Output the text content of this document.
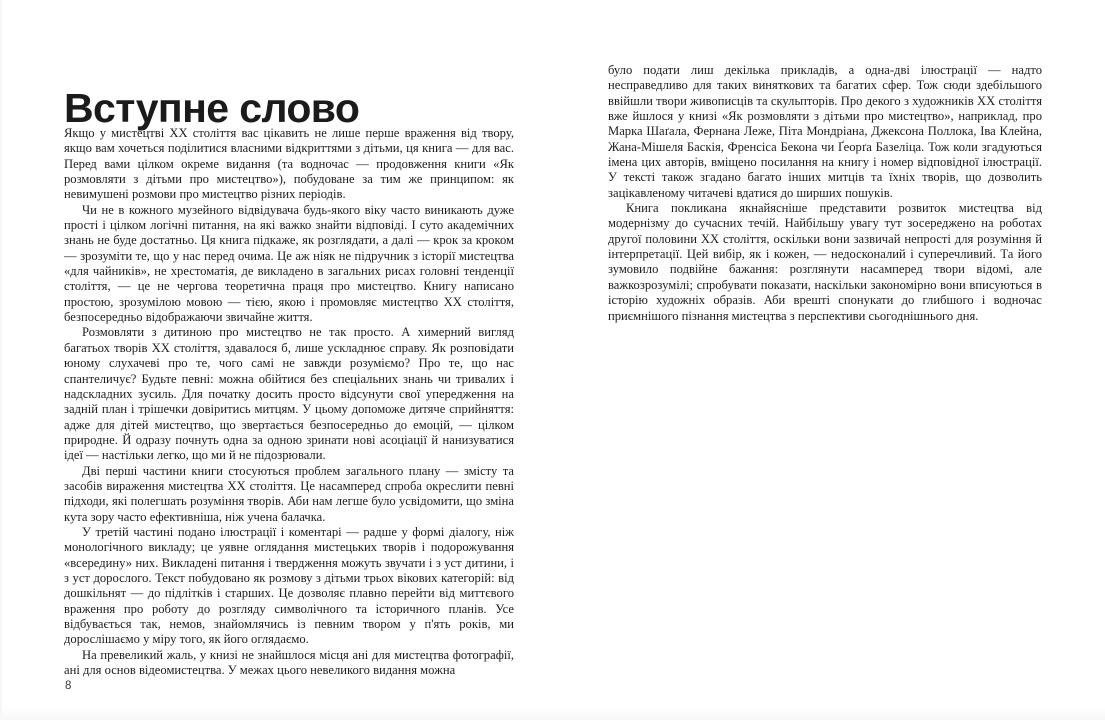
Вступне слово

Якщо у мистецтві XX століття вас цікавить не лише перше враження від твору, якщо вам хочеться поділитися власними відкриттями з дітьми, ця книга — для вас. Перед вами цілком окреме видання (та водночас — продовження книги «Як розмовляти з дітьми про мистецтво»), побудоване за тим же принципом: як невимушені розмови про мистецтво різних періодів.

Чи не в кожного музейного відвідувача будь-якого віку часто виникають дуже прості і цілком логічні питання, на які важко знайти відповіді. І суто академічних знань не буде достатньо. Ця книга підкаже, як розглядати, а далі — крок за кроком — зрозуміти те, що у нас перед очима. Це аж ніяк не підручник з історії мистецтва «для чайників», не хрестоматія, де викладено в загальних рисах головні тенденції століття, — це не чергова теоретична праця про мистецтво. Книгу написано простою, зрозумілою мовою — тією, якою і промовляє мистецтво XX століття, безпосередньо відображаючи звичайне життя.

Розмовляти з дитиною про мистецтво не так просто. А химерний вигляд багатьох творів XX століття, здавалося б, лише ускладнює справу. Як розповідати юному слухачеві про те, чого самі не завжди розуміємо? Про те, що нас спантеличує? Будьте певні: можна обійтися без спеціальних знань чи тривалих і надскладних зусиль. Для початку досить просто відсунути свої упередження на задній план і трішечки довіритись митцям. У цьому допоможе дитяче сприйняття: адже для дітей мистецтво, що звертається безпосередньо до емоцій, — цілком природне. Й одразу почнуть одна за одною зринати нові асоціації й нанизуватися ідеї — настільки легко, що ми й не підозрювали.

Дві перші частини книги стосуються проблем загального плану — змісту та засобів вираження мистецтва XX століття. Це насамперед спроба окреслити певні підходи, які полегшать розуміння творів. Аби нам легше було усвідомити, що зміна кута зору часто ефективніша, ніж учена балачка.

У третій частині подано ілюстрації і коментарі — радше у формі діалогу, ніж монологічного викладу; це уявне оглядання мистецьких творів і подорожування «всередину» них. Викладені питання і твердження можуть звучати і з уст дитини, і з уст дорослого. Текст побудовано як розмову з дітьми трьох вікових категорій: від дошкільнят — до підлітків і старших. Це дозволяє плавно перейти від миттєвого враження про роботу до розгляду символічного та історичного планів. Усе відбувається так, немов, знайомлячись із певним твором у п'ять років, ми дорослішаємо у міру того, як його оглядаємо.

На превеликий жаль, у книзі не знайшлося місця ані для мистецтва фотографії, ані для основ відеомистецтва. У межах цього невеликого видання можна

було подати лиш декілька прикладів, а одна-дві ілюстрації — надто несправедливо для таких виняткових та багатих сфер. Тож сюди здебільшого ввійшли твори живописців та скульпторів. Про декого з художників XX століття вже йшлося у книзі «Як розмовляти з дітьми про мистецтво», наприклад, про Марка Шаґала, Фернана Леже, Піта Мондріана, Джексона Поллока, Іва Клейна, Жана-Мішеля Баскія, Френсіса Бекона чи Ґеорґа Базеліца. Тож коли згадуються імена цих авторів, вміщено посилання на книгу і номер відповідної ілюстрації. У тексті також згадано багато інших митців та їхніх творів, що дозволить зацікавленому читачеві вдатися до ширших пошуків.

Книга покликана якнайясніше представити розвиток мистецтва від модернізму до сучасних течій. Найбільшу увагу тут зосереджено на роботах другої половини XX століття, оскільки вони зазвичай непрості для розуміння й інтерпретації. Цей вибір, як і кожен, — недосконалий і суперечливий. Та його зумовило подвійне бажання: розглянути насамперед твори відомі, але важкозрозумілі; спробувати показати, наскільки закономірно вони вписуються в історію художніх образів. Аби врешті спонукати до глибшого і водночас приємнішого пізнання мистецтва з перспективи сьогоднішнього дня.

8
